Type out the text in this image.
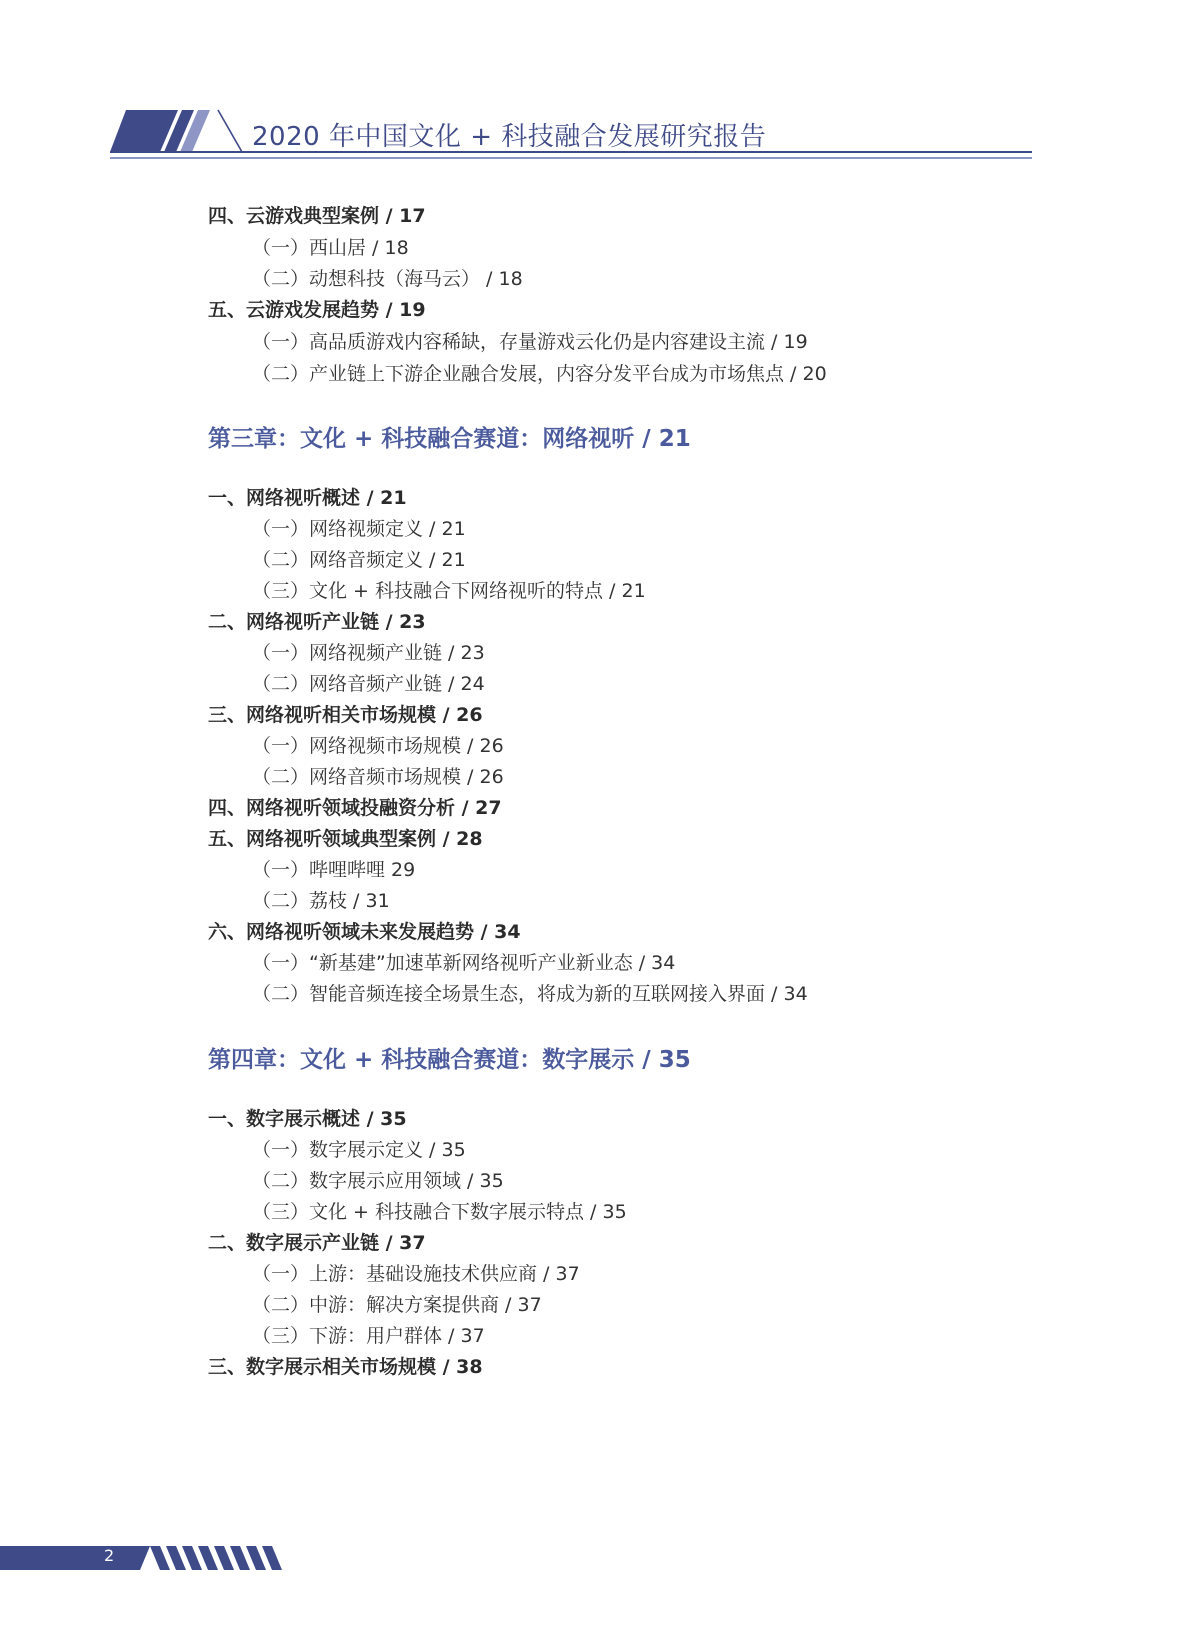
2020 年中国文化 + 科技融合发展研究报告
四、云游戏典型案例 / 17
（一）西山居 / 18
（二）动想科技（海马云） / 18
五、云游戏发展趋势 / 19
（一）高品质游戏内容稀缺，存量游戏云化仍是内容建设主流 / 19
（二）产业链上下游企业融合发展，内容分发平台成为市场焦点 / 20
第三章：文化 + 科技融合赛道：网络视听 / 21
一、网络视听概述 / 21
（一）网络视频定义 / 21
（二）网络音频定义 / 21
（三）文化 + 科技融合下网络视听的特点 / 21
二、网络视听产业链 / 23
（一）网络视频产业链 / 23
（二）网络音频产业链 / 24
三、网络视听相关市场规模 / 26
（一）网络视频市场规模 / 26
（二）网络音频市场规模 / 26
四、网络视听领域投融资分析 / 27
五、网络视听领域典型案例 / 28
（一）哔哩哔哩 29
（二）荔枝 / 31
六、网络视听领域未来发展趋势 / 34
（一）“新基建”加速革新网络视听产业新业态 / 34
（二）智能音频连接全场景生态，将成为新的互联网接入界面 / 34
第四章：文化 + 科技融合赛道：数字展示 / 35
一、数字展示概述 / 35
（一）数字展示定义 / 35
（二）数字展示应用领域 / 35
（三）文化 + 科技融合下数字展示特点 / 35
二、数字展示产业链 / 37
（一）上游：基础设施技术供应商 / 37
（二）中游：解决方案提供商 / 37
（三）下游：用户群体 / 37
三、数字展示相关市场规模 / 38
2
